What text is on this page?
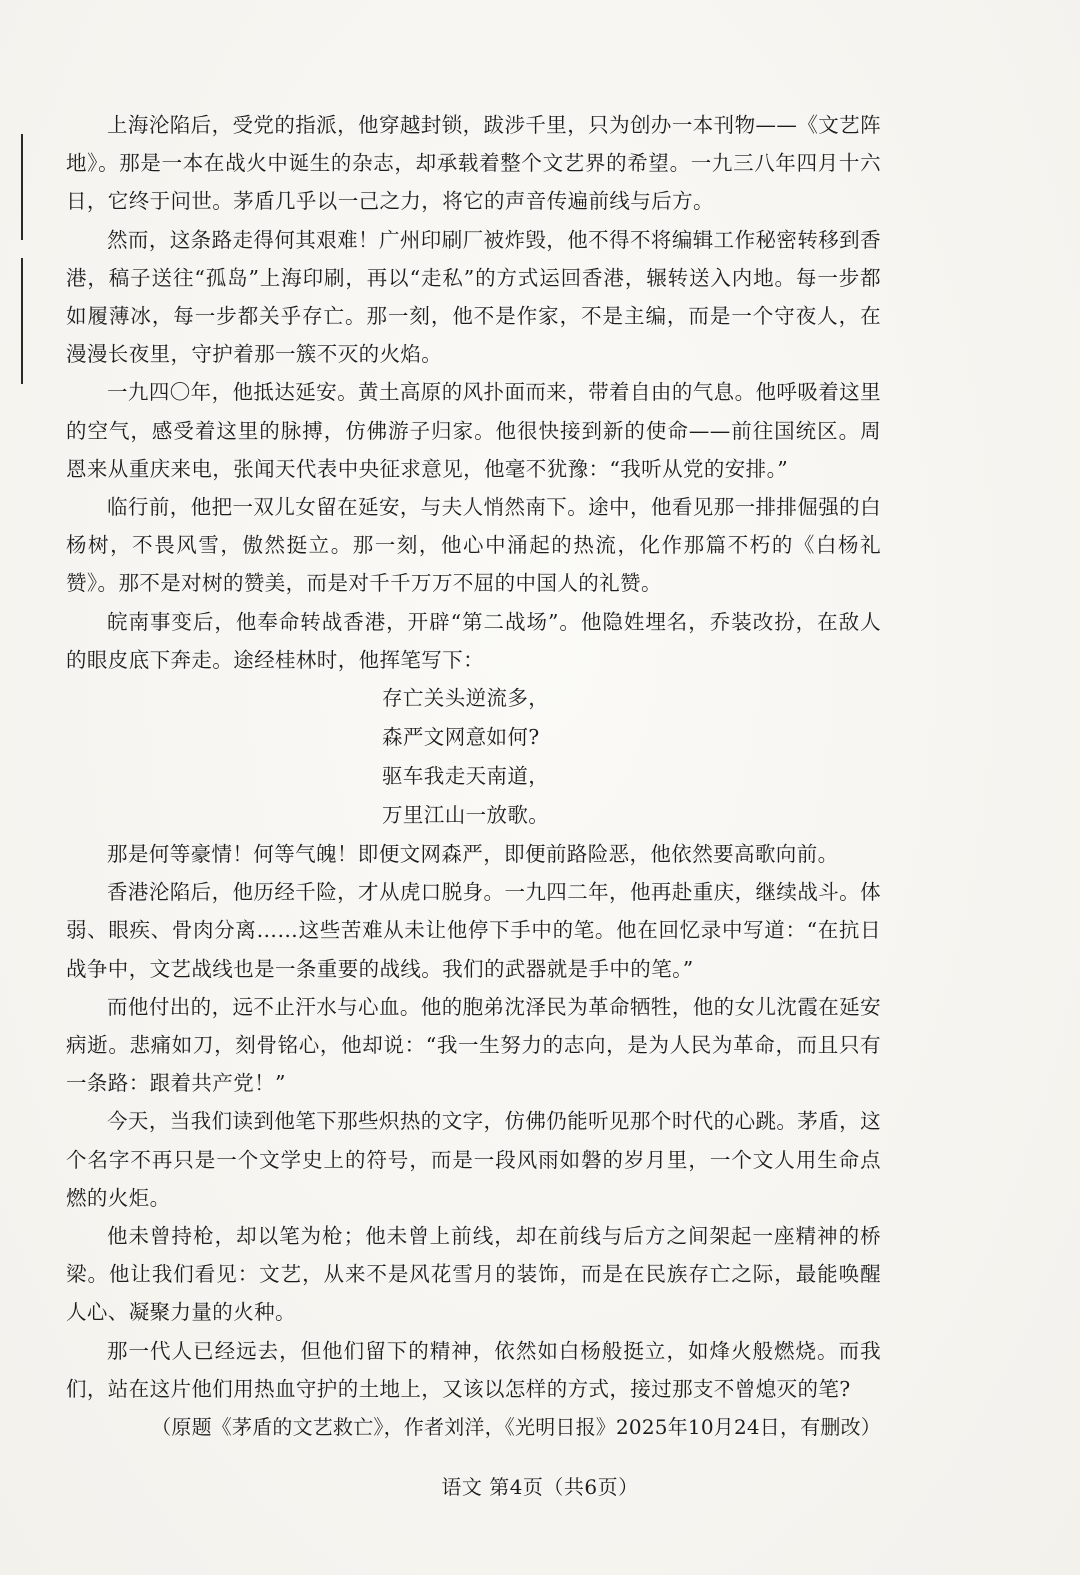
上海沦陷后，受党的指派，他穿越封锁，跋涉千里，只为创办一本刊物——《文艺阵地》。那是一本在战火中诞生的杂志，却承载着整个文艺界的希望。一九三八年四月十六日，它终于问世。茅盾几乎以一己之力，将它的声音传遍前线与后方。

然而，这条路走得何其艰难！广州印刷厂被炸毁，他不得不将编辑工作秘密转移到香港，稿子送往“孤岛”上海印刷，再以“走私”的方式运回香港，辗转送入内地。每一步都如履薄冰，每一步都关乎存亡。那一刻，他不是作家，不是主编，而是一个守夜人，在漫漫长夜里，守护着那一簇不灭的火焰。

一九四〇年，他抵达延安。黄土高原的风扑面而来，带着自由的气息。他呼吸着这里的空气，感受着这里的脉搏，仿佛游子归家。他很快接到新的使命——前往国统区。周恩来从重庆来电，张闻天代表中央征求意见，他毫不犹豫：“我听从党的安排。”

临行前，他把一双儿女留在延安，与夫人悄然南下。途中，他看见那一排排倔强的白杨树，不畏风雪，傲然挺立。那一刻，他心中涌起的热流，化作那篇不朽的《白杨礼赞》。那不是对树的赞美，而是对千千万万不屈的中国人的礼赞。

皖南事变后，他奉命转战香港，开辟“第二战场”。他隐姓埋名，乔装改扮，在敌人的眼皮底下奔走。途经桂林时，他挥笔写下：

存亡关头逆流多，
森严文网意如何?
驱车我走天南道，
万里江山一放歌。

那是何等豪情！何等气魄！即便文网森严，即便前路险恶，他依然要高歌向前。

香港沦陷后，他历经千险，才从虎口脱身。一九四二年，他再赴重庆，继续战斗。体弱、眼疾、骨肉分离……这些苦难从未让他停下手中的笔。他在回忆录中写道：“在抗日战争中，文艺战线也是一条重要的战线。我们的武器就是手中的笔。”

而他付出的，远不止汗水与心血。他的胞弟沈泽民为革命牺牲，他的女儿沈霞在延安病逝。悲痛如刀，刻骨铭心，他却说：“我一生努力的志向，是为人民为革命，而且只有一条路：跟着共产党！”

今天，当我们读到他笔下那些炽热的文字，仿佛仍能听见那个时代的心跳。茅盾，这个名字不再只是一个文学史上的符号，而是一段风雨如磐的岁月里，一个文人用生命点燃的火炬。

他未曾持枪，却以笔为枪；他未曾上前线，却在前线与后方之间架起一座精神的桥梁。他让我们看见：文艺，从来不是风花雪月的装饰，而是在民族存亡之际，最能唤醒人心、凝聚力量的火种。

那一代人已经远去，但他们留下的精神，依然如白杨般挺立，如烽火般燃烧。而我们，站在这片他们用热血守护的土地上，又该以怎样的方式，接过那支不曾熄灭的笔?

（原题《茅盾的文艺救亡》，作者刘洋，《光明日报》2025年10月24日，有删改）

语文 第4页（共6页）
